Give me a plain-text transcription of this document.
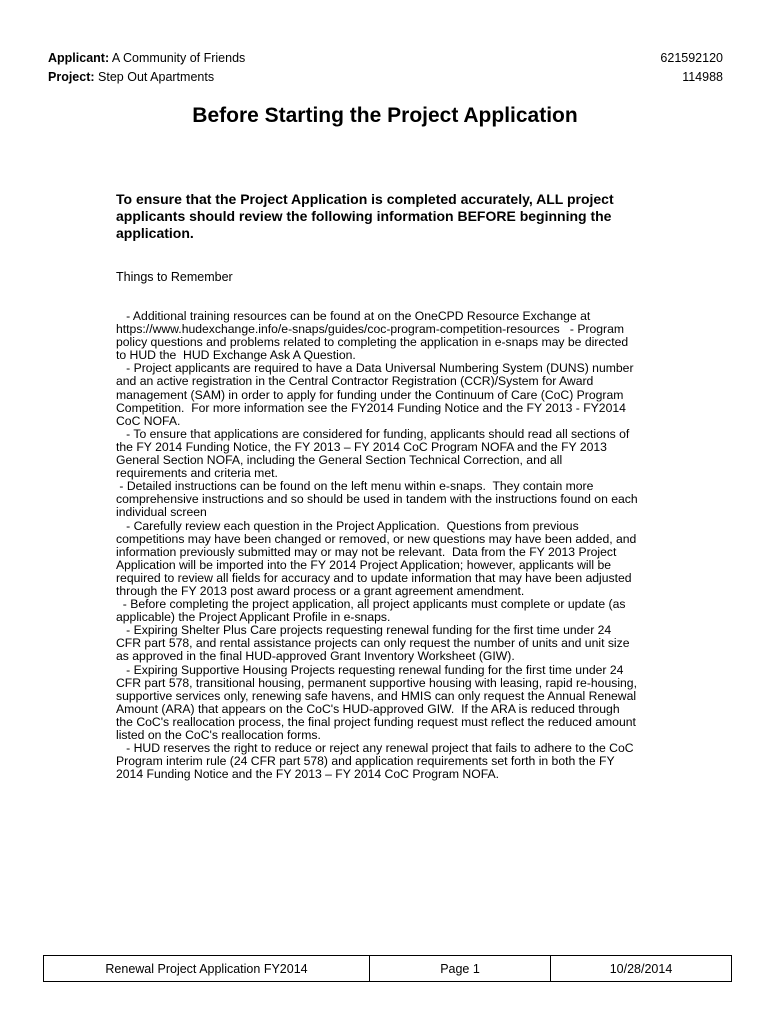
Applicant: A Community of Friends	621592120
Project: Step Out Apartments	114988
Before Starting the Project Application
To ensure that the Project Application is completed accurately, ALL project applicants should review the following information BEFORE beginning the application.
Things to Remember

- Additional training resources can be found at on the OneCPD Resource Exchange at

https://www.hudexchange.info/e-snaps/guides/coc-program-competition-resources   - Program

policy questions and problems related to completing the application in e-snaps may be directed

to HUD the  HUD Exchange Ask A Question.

- Project applicants are required to have a Data Universal Numbering System (DUNS) number

and an active registration in the Central Contractor Registration (CCR)/System for Award

management (SAM) in order to apply for funding under the Continuum of Care (CoC) Program

Competition.  For more information see the FY2014 Funding Notice and the FY 2013 - FY2014

CoC NOFA.

- To ensure that applications are considered for funding, applicants should read all sections of

the FY 2014 Funding Notice, the FY 2013 – FY 2014 CoC Program NOFA and the FY 2013

General Section NOFA, including the General Section Technical Correction, and all

requirements and criteria met.

- Detailed instructions can be found on the left menu within e-snaps.  They contain more

comprehensive instructions and so should be used in tandem with the instructions found on each

individual screen

- Carefully review each question in the Project Application.  Questions from previous

competitions may have been changed or removed, or new questions may have been added, and

information previously submitted may or may not be relevant.  Data from the FY 2013 Project

Application will be imported into the FY 2014 Project Application; however, applicants will be

required to review all fields for accuracy and to update information that may have been adjusted

through the FY 2013 post award process or a grant agreement amendment.

- Before completing the project application, all project applicants must complete or update (as

applicable) the Project Applicant Profile in e-snaps.

- Expiring Shelter Plus Care projects requesting renewal funding for the first time under 24

CFR part 578, and rental assistance projects can only request the number of units and unit size

as approved in the final HUD-approved Grant Inventory Worksheet (GIW).

- Expiring Supportive Housing Projects requesting renewal funding for the first time under 24

CFR part 578, transitional housing, permanent supportive housing with leasing, rapid re-housing,

supportive services only, renewing safe havens, and HMIS can only request the Annual Renewal

Amount (ARA) that appears on the CoC's HUD-approved GIW.  If the ARA is reduced through

the CoC's reallocation process, the final project funding request must reflect the reduced amount

listed on the CoC's reallocation forms.

- HUD reserves the right to reduce or reject any renewal project that fails to adhere to the CoC

Program interim rule (24 CFR part 578) and application requirements set forth in both the FY

2014 Funding Notice and the FY 2013 – FY 2014 CoC Program NOFA.

Renewal Project Application FY2014	Page 1	10/28/2014
